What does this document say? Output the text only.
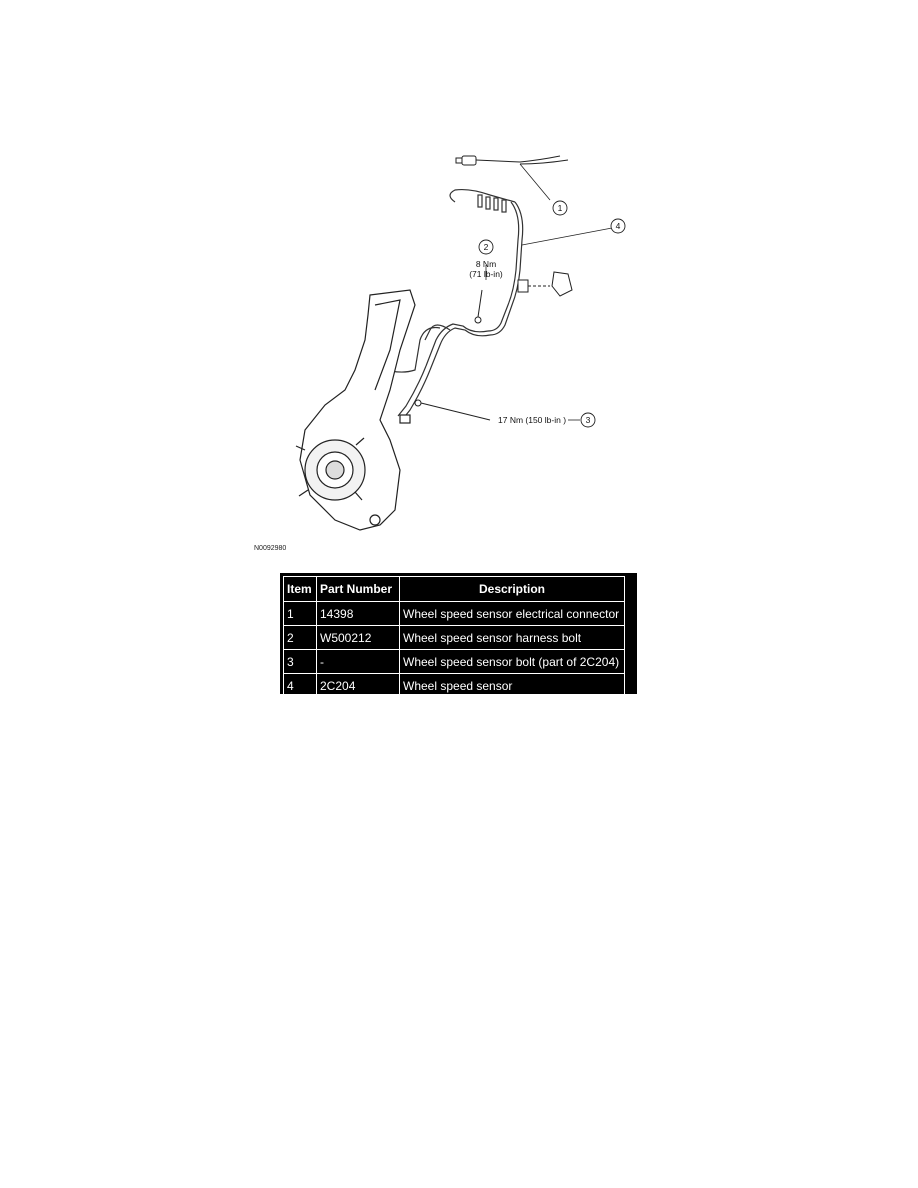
1
2
8 Nm
(71 lb-in)
17 Nm (150 lb-in ) 3
4
N0092980
Item	Part Number	Description
1	14398	Wheel speed sensor electrical connector
2	W500212	Wheel speed sensor harness bolt
3	-	Wheel speed sensor bolt (part of 2C204)
4	2C204	Wheel speed sensor
